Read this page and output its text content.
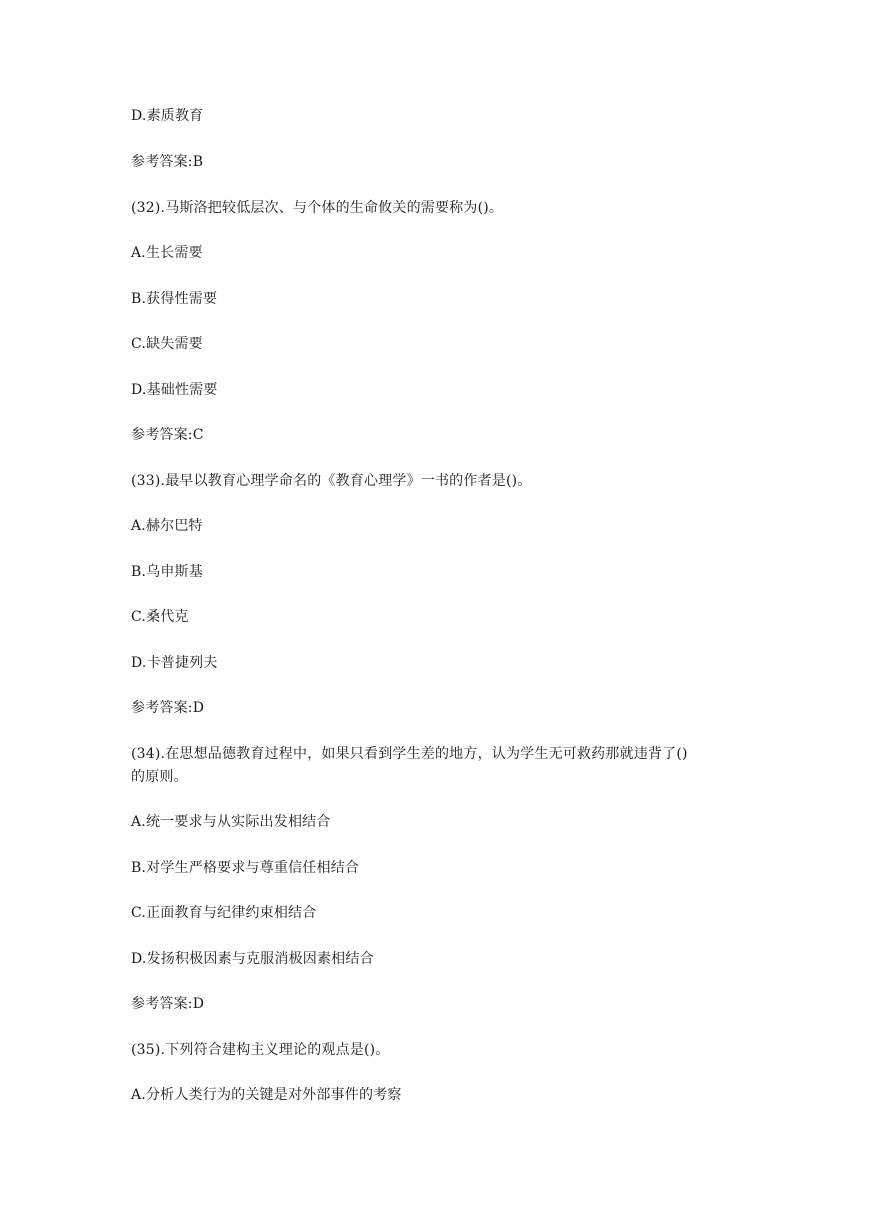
D.素质教育
参考答案:B
(32).马斯洛把较低层次、与个体的生命攸关的需要称为()。
A.生长需要
B.获得性需要
C.缺失需要
D.基础性需要
参考答案:C
(33).最早以教育心理学命名的《教育心理学》一书的作者是()。
A.赫尔巴特
B.乌申斯基
C.桑代克
D.卡普捷列夫
参考答案:D
(34).在思想品德教育过程中，如果只看到学生差的地方，认为学生无可救药那就违背了()
的原则。
A.统一要求与从实际出发相结合
B.对学生严格要求与尊重信任相结合
C.正面教育与纪律约束相结合
D.发扬积极因素与克服消极因素相结合
参考答案:D
(35).下列符合建构主义理论的观点是()。
A.分析人类行为的关键是对外部事件的考察
